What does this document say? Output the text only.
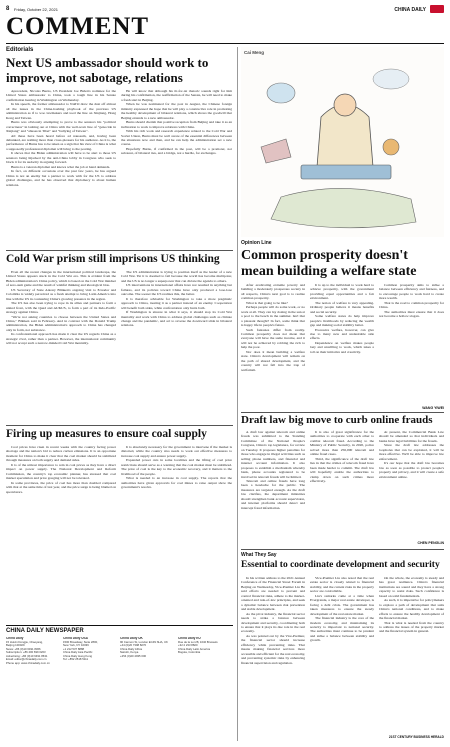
8 Friday, October 22, 2021	CHINA DAILY
COMMENT
Editorials
Next US ambassador should work to improve, not sabotage, relations

Aprecedent, Nicolas Burns, US President Joe Biden's nominee for the United States ambassador to China, took a tough line in his Senate confirmation hearing in Washington on Wednesday.

In his speech, the former ambassador to NATO drew the dust off almost all the issues in the China-bashing playbook of the previous US administration as if to woo lawmakers and toed the line on Xinjiang, Hong Kong and Taiwan.

Burns was obviously attempting to prove to the senators his "political correctness" in lashing out at China with the well-worn line of "genocide in Xinjiang" and "abuses in Tibet" and "bullying of Taiwan".

All these have been heard before ad nauseam, and, having been debunked, are nothing more than cross-pleasers for his audience. As it is, the performance of Burns has to be taken as a sign that his view of China is what a supposedly professional diplomat will bring to the posting.

It shows that the Biden administration will have to be alert to those US senators being hijacked by the anti-China lobby in Congress who seek to block it for its audacity in arguing forward.

Burns is a veteran diplomat and knows what the job at hand demands.

In fact, on different occasions over the past few years, he has argued China is not an enemy but a partner to work with for the US to address global challenges, and he has observed that diplomacy is about human relations.

He will know that although his tit-for-tat rhetoric sounds right for him during his confirmation, the reaffirmation of the Senate, he will need to make a fresh start in Beijing.

When he was nominated for the post in August, the Chinese foreign ministry expressed the hope that he will play a constructive role in promoting the healthy development of bilateral relations, which shows the goodwill that Beijing extends to a new ambassador.

Burns should cherish that positive reception from Beijing and take it as an inclination to work to improve relations with China.

With his rich work and research experience related to the Cold War and Soviet Union, Burns must be well aware of the essential differences between the situations now and then, and he can help the administration set a new course.

Hopefully Burns, if confirmed in the post, will be a promoter, not saboteur, of bilateral ties, and a bridge, not a hurdle, for exchanges.

Cold War prism still imprisons US thinking

Even all the recent changes in the international political landscape, the United States appears stuck in the Cold War era. This is evident from the Biden administration's China policy, which is based on the Cold War mindset of zero-sum game and the result of wishful thinking and ideological bias.

US Secretary of State Antony Blinken's ongoing visit to Ecuador and Colombia is widely perceived as a fresh attempt to bring Latin America into line with the US in countering China's growing presence in the region.

The US has also been trying to rope in its allies and partners to form a united front, with the Quad and AUKUS, to form a part of its Indo-Pacific strategy against China.

"We're not asking countries to choose between the United States and China," Blinken said in February. And in contrast with the Donald Trump administration, the Biden administration's approach to China has changed only in form, not substance.

Its confrontational approach has made it clear the US regards China as a strategic rival, rather than a partner. However, the international community will not accept such a narrow-minded Cold War mentality.

The US administration is trying to position itself as the leader of a new Cold War. Yet it is doomed to fail because the world has become multipolar, and the US is no longer a superpower that can dictate the agenda to others.

US interventions in international affairs have not resulted in anything but failures, and its policies toward China have only produced a lose-lose outcome. The sooner the US realizes this, the better.

It is therefore advisable for Washington to take a more pragmatic approach to China, treating it as a partner instead of an enemy. Cooperation will benefit both sides, while confrontation only hurts both.

If Washington is sincere in what it says, it should stop its Cold War mentality and work with China to address global challenges such as climate change and the pandemic, and act to reverse the downward slide in bilateral relations.

Firing up measures to ensure coal supply

Coal prices have risen in recent weeks with the country facing power shortage and the nation's bid to reduce carbon emissions. It is an opportune moment for China to make it clear that the coal market should be stabilized through measures on both supply and demand sides.

It is of the utmost importance to rein in coal prices as they have a direct impact on power supply. The National Development and Reform Commission, the country's top economic planner, has stressed that coal market speculation and price gouging will not be tolerated.

In some provinces, the price of coal has more than doubled compared with that at the same time of last year, and the price surge is being blamed on speculators.

It is absolutely necessary for the government to intervene if the market is distorted, while the country also needs to work out effective measures to increase coal supply and ensure power supply.

Expanded power cuts in some localities and the lifting of coal price restrictions should serve as a warning that the coal market must be stabilized. The price of coal is the key to the economic recovery, and it matters to the livelihood of the people.

What is needed is an increase in coal supply. The reports that the authorities have given approvals for coal mines to raise output show the government's resolve.

CHINA DAILY NEWSPAPER
China Daily
15 Huixin Dongjie, Chaoyang,
Beijing 100029
News: +86 (0)10 6491 8366
Subscription: +86 400 699 0203
Advertising: +86 (0)10 6491 8631
Email: editor@chinadaily.com.cn
Phone app: www.chinadaily.com.cn
China Daily USA
1500 Broadway, Suite 2800,
New York, NY 10036
+1 212 537 8888
China Daily Asia Pacific
China Daily Hong Kong
Tel: +852 2518 5111
China Daily UK
90 Cannon St, London EC4N 6HA, UK
+44 (0)20 7398 8270
China Daily Africa
Nairobi, Kenya
+254 (0)20 4935 000
China Daily EU
Rue de la Loi 28, 1040 Brussels
+32 2 233 8820
China Daily Latin America
Bogota, Colombia
Cai Meng
Opinion Line
Common prosperity doesn't mean building a welfare state

After eradicating extreme poverty and building a moderately prosperous society in all respects, China's next goal is to realize common prosperity.

What is that going to be like?

Perhaps people will do some work, or no work at all. They can lay dozing in the sun at a pool to the beach in the summer. Isn't that a pleasant thought? In fact, some think that is happy life in people's future.

Such fantasies differ from reality. Common prosperity does not mean that everyone will have the same income, and it will not be achieved by robbing the rich to help the poor.

Nor does it mean building a welfare state. China's development will remain on the path of shared development, and the country will not fall into the trap of welfarism.

It is up to the individual to work hard to achieve prosperity, with the government providing equal opportunities and a fair environment.

The notion of welfare is very appealing. Ordinary people believe it means benefits and social security.

Some welfare states do help improve people's livelihoods by reducing the wealth gap and making social stability better.

Excessive welfare, however, can give rise to many new and undesirable side effects.

Dependence on welfare makes people lazy and unwilling to work, which takes a toll on their initiative and creativity.

Common prosperity aims to strike a balance between efficiency and fairness, and to encourage people to work hard to create more wealth.

That is the road to common prosperity for China.

The authorities must ensure that it does not become a hollow slogan.

WANG YIWEI
Draft law big move to curb online frauds

A draft law against telecom and online frauds was submitted to the Standing Committee of the National People's Congress, China's top legislature, for review on Tuesday. It proposes higher penalties for those who engage in illegal activities such as selling phone numbers, and financial and internet account information. It also proposes to establish a mechanism whereby bank, phone accounts registered to be involved in telecom frauds will be limited.

Telecom and online frauds have long been a headache for the public. The measures are targeted enough. As the draft law clarifies, the department ministries should strengthen bank account supervision, and internet platforms should detect and intercept fraud information.

It is also of great significance for the authorities to cooperate with each other to combat telecom fraud. According to the Ministry of Public Security, in 2020, police solved more than 256,000 telecom and online fraud cases.

Third, the significance of the draft law lies in that the crimes of telecom fraud have been made harder to commit. The draft law will hopefully enable the authorities to clamp down on such crimes more effectively.

At present, the Commercial Bank Law should be amended so that individuals and banks have legal liabilities for the frauds.

Since the draft law addresses the loopholes that can be exploited, it will be more effective. We'll be able to improve law enforcement.

It's our hope that the draft law becomes law as soon as possible to protect people's property and privacy, and it will create a safe environment online.

CHEN PENGLIN
What They Say
Essential to coordinate development and security

In his written address to the 2021 Annual Conference of the Financial Street Forum in Beijing on Wednesday, Vice-Premier Liu He said efforts are needed to prevent and control financial risks, adhere to the market-oriented and rule-of-law principles, and seek a dynamic balance between risk prevention and stable development.

As the pivot industry, the financial sector needs to strike a balance between development and security, coordinating both to ensure that it plays its due role in the real economy.

As was pointed out by the Vice-Premier, the financial sector should increase efficiency while preventing risks. That means making financial services more accessible and efficient for the real economy, and preventing systemic risks by enhancing financial supervision and regulation.

Vice-Premier Liu also noted that the real estate sector is closely related to financial stability, and the current risks in the property sector are controllable.

Liu's remarks came at a time when Evergrande, a major real estate developer, is facing a debt crisis. The government has taken measures to ensure the steady development of the real estate market.

The financial industry is the core of the modern economy, and maintaining its security is important to national security. The authorities must continue to be prudent and strike a balance between stability and growth.

On the whole, the economy is steady and has great resilience. China's financial institutions are sound and they have a strong capacity to resist risks. Such confidence is based on solid fundamentals.

As such, it is imperative for policymakers to explore a path of development that suits China's national conditions, and to make efforts to ensure the healthy development of the financial market.

That is what is needed from the country to address the issues of the property market and the financial system in general.

21ST CENTURY BUSINESS HERALD
